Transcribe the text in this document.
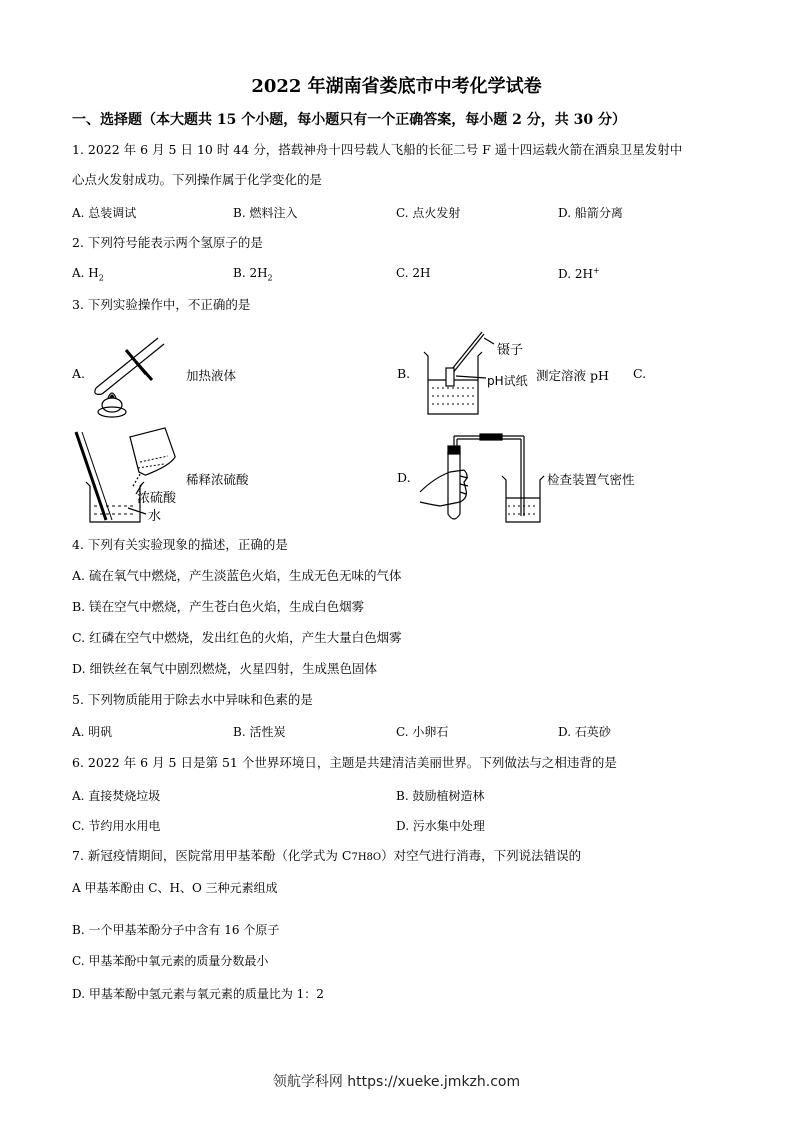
2022 年湖南省娄底市中考化学试卷
一、选择题（本大题共 15 个小题，每小题只有一个正确答案，每小题 2 分，共 30 分）
1. 2022 年 6 月 5 日 10 时 44 分，搭载神舟十四号载人飞船的长征二号 F 遥十四运载火箭在酒泉卫星发射中
心点火发射成功。下列操作属于化学变化的是
A. 总装调试	B. 燃料注入	C. 点火发射	D. 船箭分离
2. 下列符号能表示两个氢原子的是
A. $H_2$	B. $2H_2$	C. 2H	D. 2H+
3. 下列实验操作中，不正确的是
A.	加热液体	B.
镊子
pH试纸 测定溶液 pH C.
稀释浓硫酸
浓硫酸
水
D.	检查装置气密性
4. 下列有关实验现象的描述，正确的是
A. 硫在氧气中燃烧，产生淡蓝色火焰，生成无色无味的气体
B. 镁在空气中燃烧，产生苍白色火焰，生成白色烟雾
C. 红磷在空气中燃烧，发出红色的火焰，产生大量白色烟雾
D. 细铁丝在氧气中剧烈燃烧，火星四射，生成黑色固体
5. 下列物质能用于除去水中异味和色素的是
A. 明矾	B. 活性炭	C. 小卵石	D. 石英砂
6. 2022 年 6 月 5 日是第 51 个世界环境日，主题是共建清洁美丽世界。下列做法与之相违背的是
A. 直接焚烧垃圾	B. 鼓励植树造林
C. 节约用水用电	D. 污水集中处理
7. 新冠疫情期间，医院常用甲基苯酚（化学式为 C7H8O）对空气进行消毒，下列说法错误的
A 甲基苯酚由 C、H、O 三种元素组成
B. 一个甲基苯酚分子中含有 16 个原子
C. 甲基苯酚中氧元素的质量分数最小
D. 甲基苯酚中氢元素与氧元素的质量比为 1：2
领航学科网 https://xueke.jmkzh.com
